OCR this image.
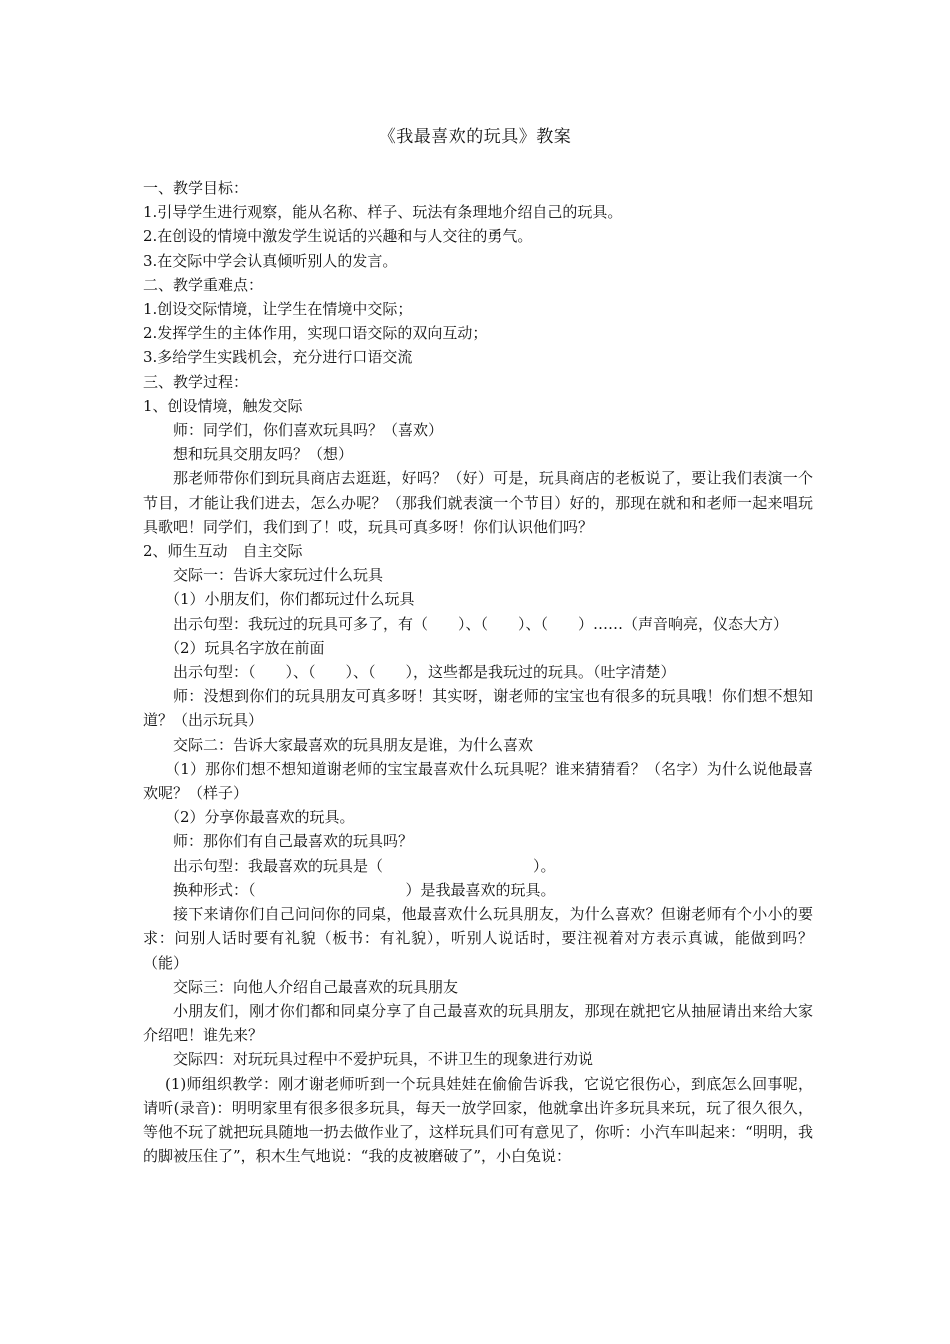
《我最喜欢的玩具》教案

一、教学目标：

1.引导学生进行观察，能从名称、样子、玩法有条理地介绍自己的玩具。

2.在创设的情境中激发学生说话的兴趣和与人交往的勇气。

3.在交际中学会认真倾听别人的发言。

二、教学重难点：

1.创设交际情境，让学生在情境中交际；

2.发挥学生的主体作用，实现口语交际的双向互动；

3.多给学生实践机会，充分进行口语交流

三、教学过程：

1、创设情境，触发交际

师：同学们，你们喜欢玩具吗？（喜欢）

想和玩具交朋友吗？（想）

那老师带你们到玩具商店去逛逛，好吗？（好）可是，玩具商店的老板说了，要让我们表演一个节目，才能让我们进去，怎么办呢？（那我们就表演一个节目）好的，那现在就和和老师一起来唱玩具歌吧！同学们，我们到了！哎，玩具可真多呀！你们认识他们吗？

2、师生互动　自主交际

交际一：告诉大家玩过什么玩具

（1）小朋友们，你们都玩过什么玩具

出示句型：我玩过的玩具可多了，有（　　）、（　　）、（　　）……（声音响亮，仪态大方）

（2）玩具名字放在前面

出示句型：（　　）、（　　）、（　　），这些都是我玩过的玩具。（吐字清楚）

师：没想到你们的玩具朋友可真多呀！其实呀，谢老师的宝宝也有很多的玩具哦！你们想不想知道？（出示玩具）

交际二：告诉大家最喜欢的玩具朋友是谁，为什么喜欢

（1）那你们想不想知道谢老师的宝宝最喜欢什么玩具呢？谁来猜猜看？（名字）为什么说他最喜欢呢？（样子）

（2）分享你最喜欢的玩具。

师：那你们有自己最喜欢的玩具吗？

出示句型：我最喜欢的玩具是（　　　　　　　　　　）。

换种形式：（　　　　　　　　　　）是我最喜欢的玩具。

接下来请你们自己问问你的同桌，他最喜欢什么玩具朋友，为什么喜欢？但谢老师有个小小的要求：问别人话时要有礼貌（板书：有礼貌），听别人说话时，要注视着对方表示真诚，能做到吗？（能）

交际三：向他人介绍自己最喜欢的玩具朋友

小朋友们，刚才你们都和同桌分享了自己最喜欢的玩具朋友，那现在就把它从抽屉请出来给大家介绍吧！谁先来？

交际四：对玩玩具过程中不爱护玩具，不讲卫生的现象进行劝说

(1)师组织教学：刚才谢老师听到一个玩具娃娃在偷偷告诉我，它说它很伤心，到底怎么回事呢，请听(录音)：明明家里有很多很多玩具，每天一放学回家，他就拿出许多玩具来玩，玩了很久很久，等他不玩了就把玩具随地一扔去做作业了，这样玩具们可有意见了，你听：小汽车叫起来：“明明，我的脚被压住了”，积木生气地说：“我的皮被磨破了”，小白兔说：
